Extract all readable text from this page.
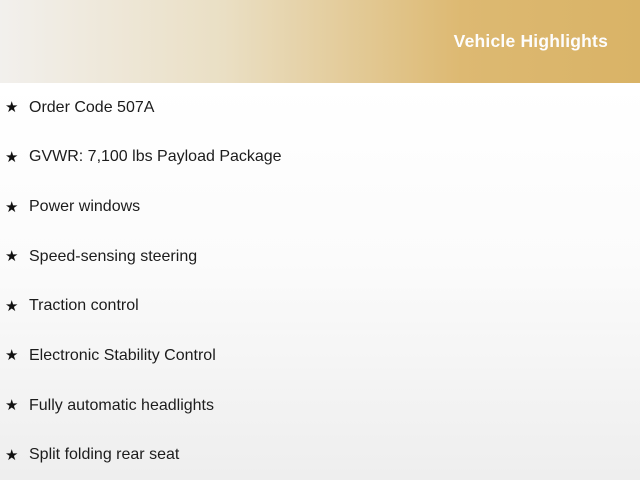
Vehicle Highlights
★ Order Code 507A
★ GVWR: 7,100 lbs Payload Package
★ Power windows
★ Speed-sensing steering
★ Traction control
★ Electronic Stability Control
★ Fully automatic headlights
★ Split folding rear seat
